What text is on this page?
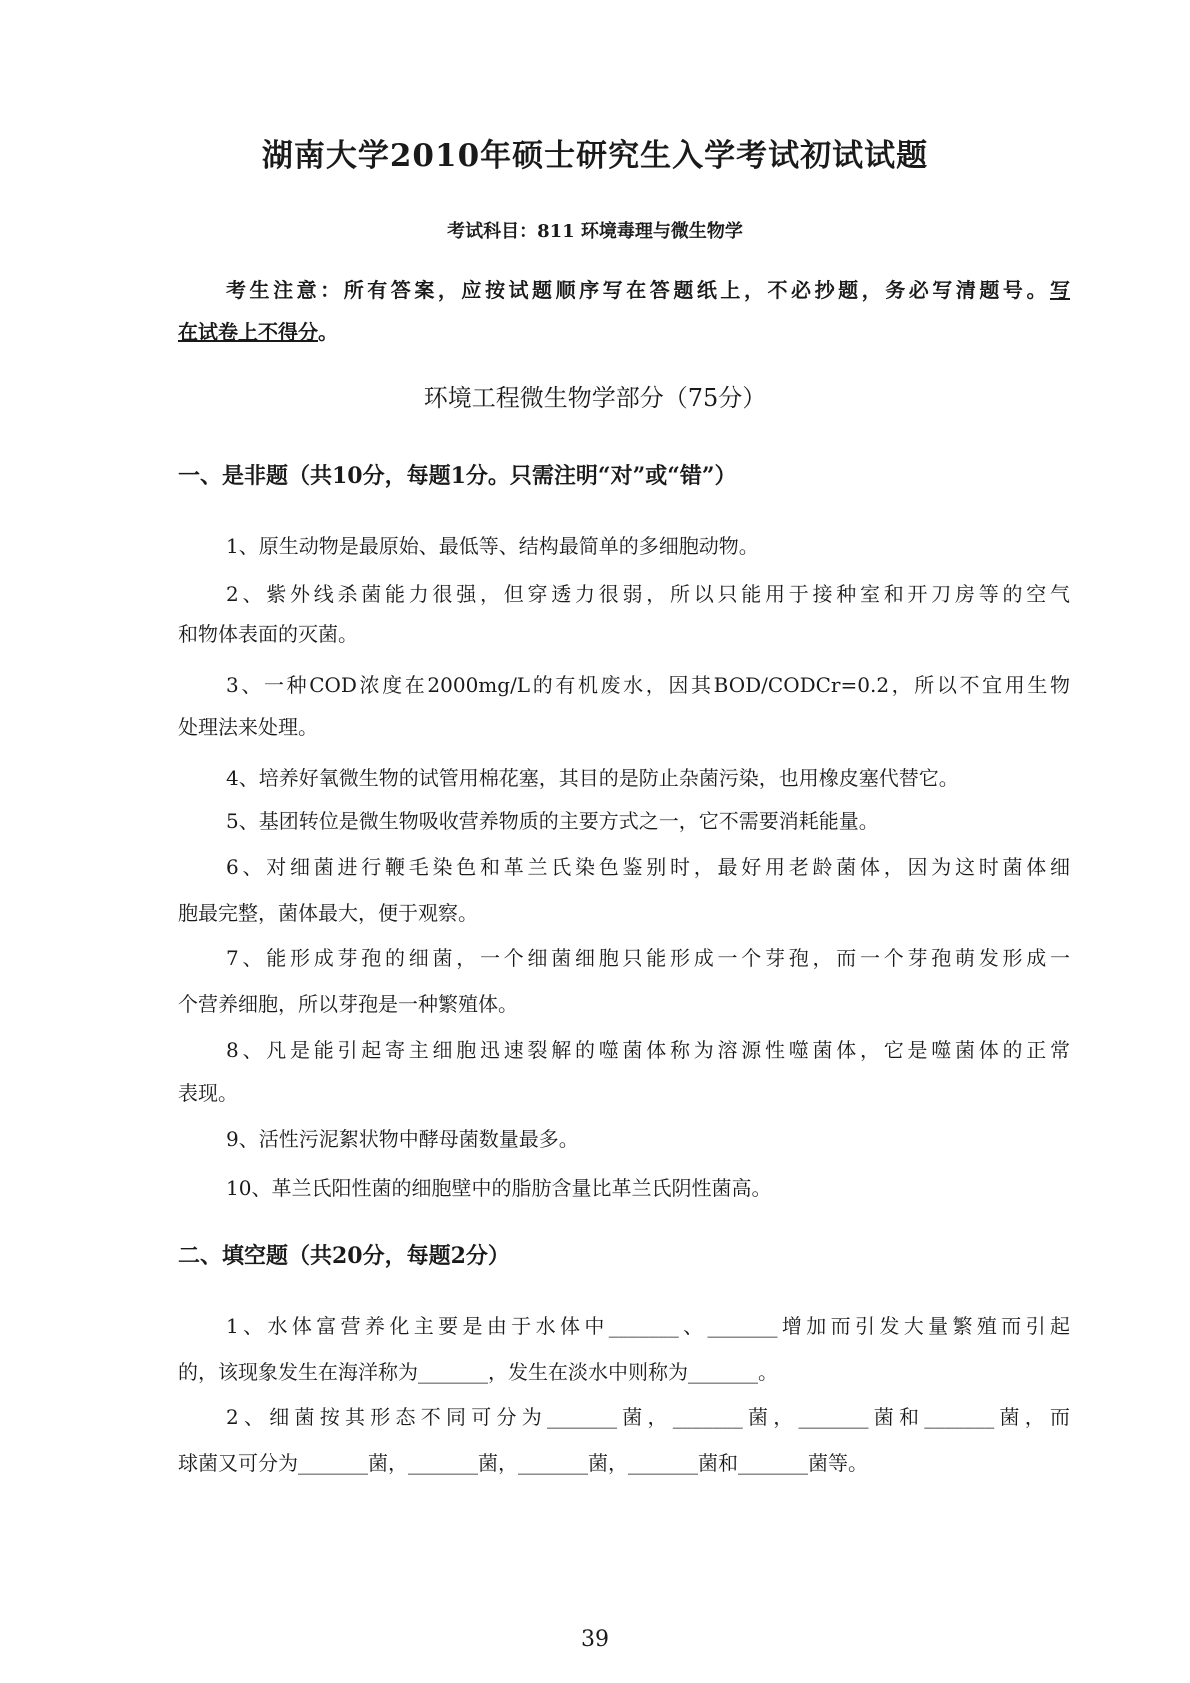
湖南大学2010年硕士研究生入学考试初试试题
考试科目：811 环境毒理与微生物学
考生注意：所有答案，应按试题顺序写在答题纸上，不必抄题，务必写清题号。写
在试卷上不得分。
环境工程微生物学部分（75分）
一、是非题（共10分，每题1分。只需注明“对”或“错”）
1、原生动物是最原始、最低等、结构最简单的多细胞动物。
2、紫外线杀菌能力很强，但穿透力很弱，所以只能用于接种室和开刀房等的空气
和物体表面的灭菌。
3、一种COD浓度在2000mg/L的有机废水，因其BOD/CODCr=0.2，所以不宜用生物
处理法来处理。
4、培养好氧微生物的试管用棉花塞，其目的是防止杂菌污染，也用橡皮塞代替它。
5、基团转位是微生物吸收营养物质的主要方式之一，它不需要消耗能量。
6、对细菌进行鞭毛染色和革兰氏染色鉴别时，最好用老龄菌体，因为这时菌体细
胞最完整，菌体最大，便于观察。
7、能形成芽孢的细菌，一个细菌细胞只能形成一个芽孢，而一个芽孢萌发形成一
个营养细胞，所以芽孢是一种繁殖体。
8、凡是能引起寄主细胞迅速裂解的噬菌体称为溶源性噬菌体，它是噬菌体的正常
表现。
9、活性污泥絮状物中酵母菌数量最多。
10、革兰氏阳性菌的细胞壁中的脂肪含量比革兰氏阴性菌高。
二、填空题（共20分，每题2分）
1、水体富营养化主要是由于水体中_______、_______增加而引发大量繁殖而引起
的，该现象发生在海洋称为_______，发生在淡水中则称为_______。
2、细菌按其形态不同可分为_______菌，_______菌，_______菌和_______菌，而
球菌又可分为_______菌，_______菌，_______菌，_______菌和_______菌等。
39
